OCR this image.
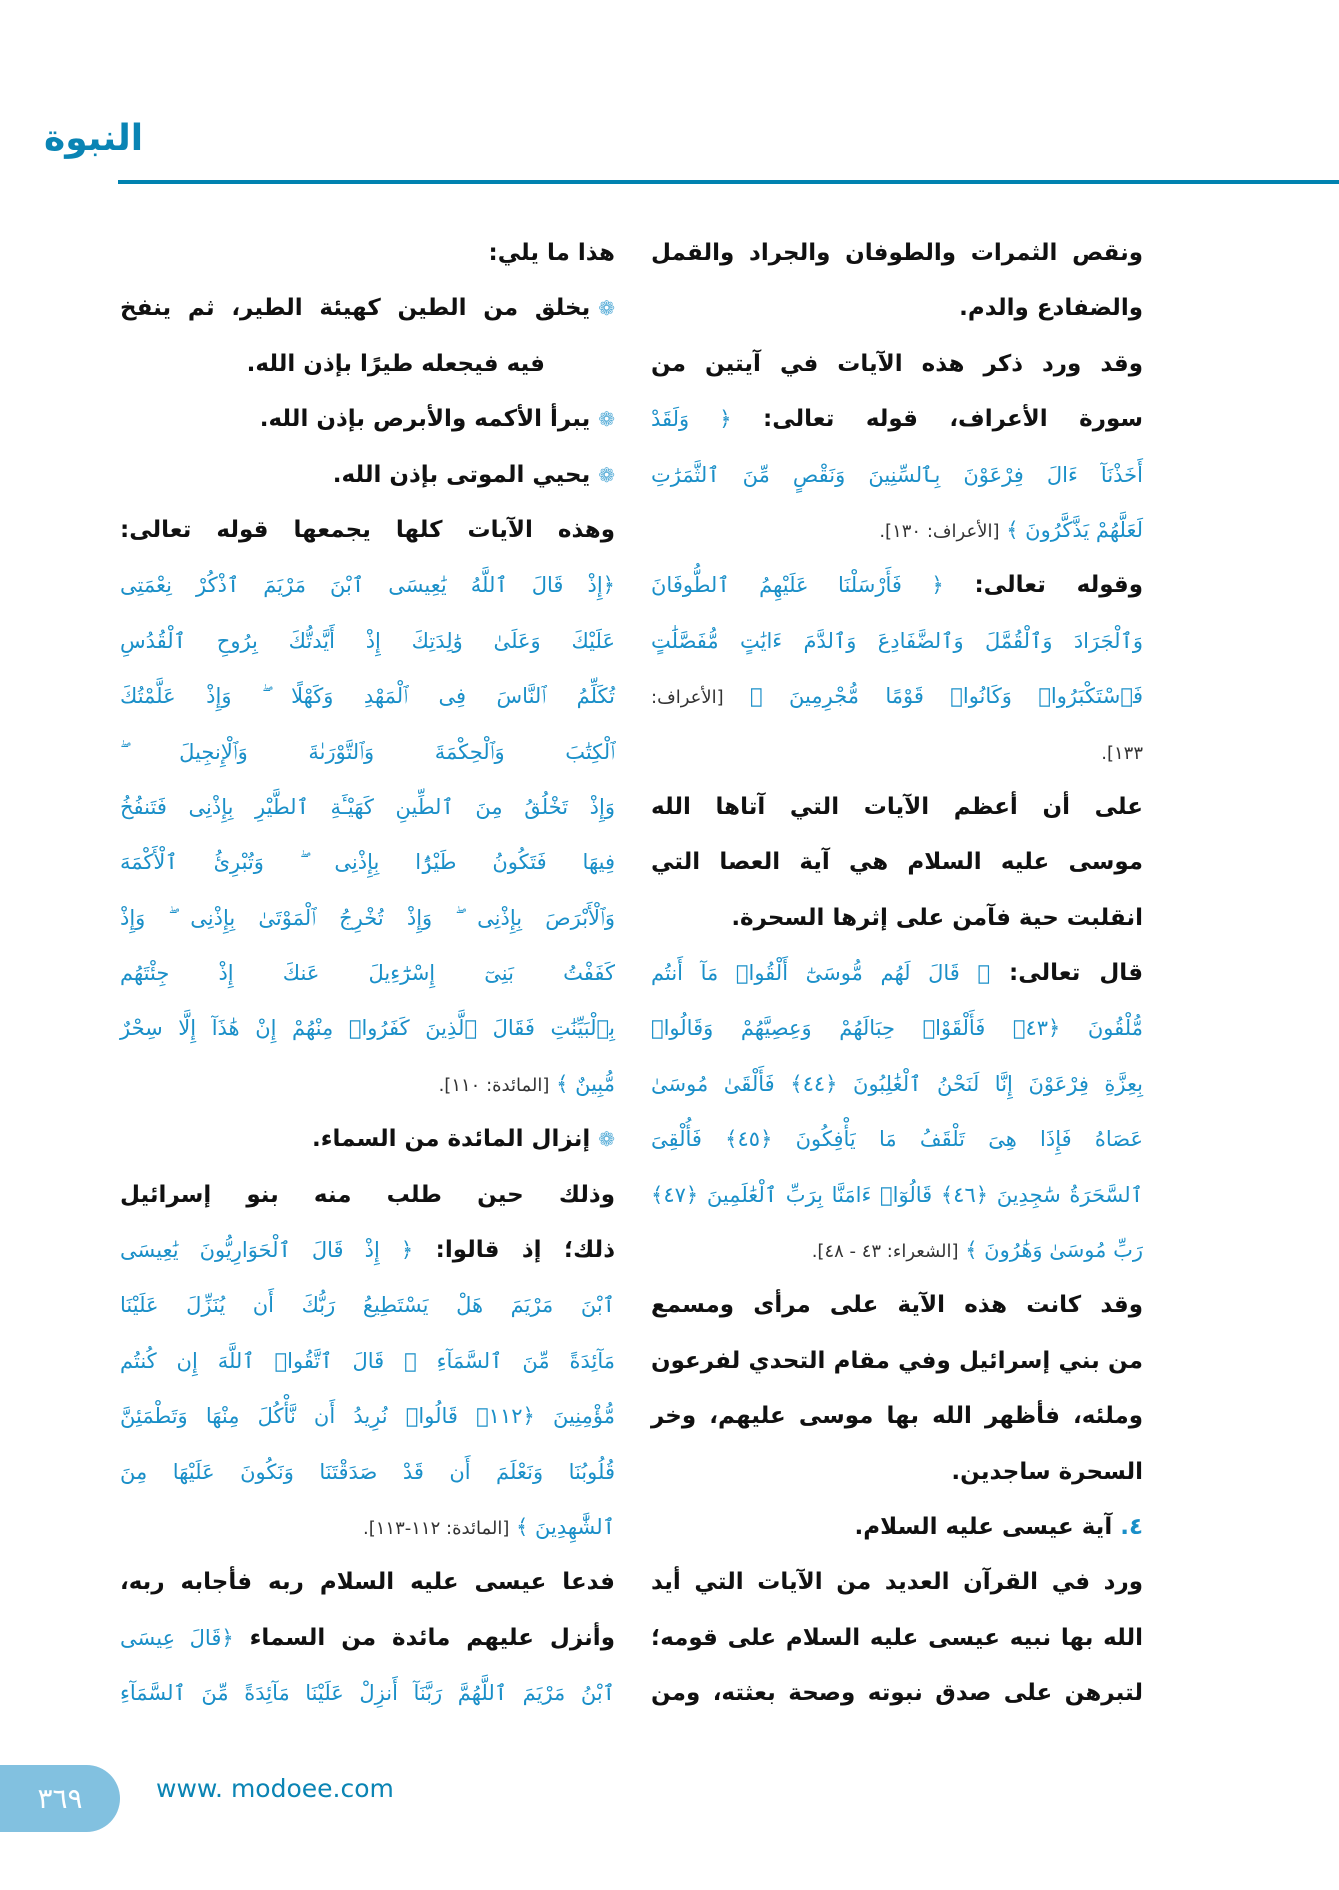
النبوة
ونقص الثمرات والطوفان والجراد والقمل
والضفادع والدم.
وقد ورد ذكر هذه الآيات في آيتين من
سورة الأعراف، قوله تعالى: ﴿ وَلَقَدْ
أَخَذْنَآ ءَالَ فِرْعَوْنَ بِٱلسِّنِينَ وَنَقْصٍ مِّنَ ٱلثَّمَرَٰتِ
لَعَلَّهُمْ يَذَّكَّرُونَ ﴾ [الأعراف: ١٣٠].
وقوله تعالى: ﴿ فَأَرْسَلْنَا عَلَيْهِمُ ٱلطُّوفَانَ
وَٱلْجَرَادَ وَٱلْقُمَّلَ وَٱلضَّفَادِعَ وَٱلدَّمَ ءَايَٰتٍ مُّفَصَّلَٰتٍ
فَٱسْتَكْبَرُوا۟ وَكَانُوا۟ قَوْمًا مُّجْرِمِينَ ﴾ [الأعراف:
١٣٣].
على أن أعظم الآيات التي آتاها الله
موسى عليه السلام هي آية العصا التي
انقلبت حية فآمن على إثرها السحرة.
قال تعالى: ﴿ قَالَ لَهُم مُّوسَىٰٓ أَلْقُوا۟ مَآ أَنتُم
مُّلْقُونَ ﴿٤٣﴾ فَأَلْقَوْا۟ حِبَالَهُمْ وَعِصِيَّهُمْ وَقَالُوا۟
بِعِزَّةِ فِرْعَوْنَ إِنَّا لَنَحْنُ ٱلْغَٰلِبُونَ ﴿٤٤﴾ فَأَلْقَىٰ مُوسَىٰ
عَصَاهُ فَإِذَا هِىَ تَلْقَفُ مَا يَأْفِكُونَ ﴿٤٥﴾ فَأُلْقِىَ
ٱلسَّحَرَةُ سَٰجِدِينَ ﴿٤٦﴾ قَالُوٓا۟ ءَامَنَّا بِرَبِّ ٱلْعَٰلَمِينَ ﴿٤٧﴾
رَبِّ مُوسَىٰ وَهَٰرُونَ ﴾ [الشعراء: ٤٣ - ٤٨].
وقد كانت هذه الآية على مرأى ومسمع
من بني إسرائيل وفي مقام التحدي لفرعون
وملئه، فأظهر الله بها موسى عليهم، وخر
السحرة ساجدين.
٤. آية عيسى عليه السلام.
ورد في القرآن العديد من الآيات التي أيد
الله بها نبيه عيسى عليه السلام على قومه؛
لتبرهن على صدق نبوته وصحة بعثته، ومن
هذا ما يلي:
❁يخلق من الطين كهيئة الطير، ثم ينفخ
فيه فيجعله طيرًا بإذن الله.
❁يبرأ الأكمه والأبرص بإذن الله.
❁يحيي الموتى بإذن الله.
وهذه الآيات كلها يجمعها قوله تعالى:
﴿إِذْ قَالَ ٱللَّهُ يَٰعِيسَى ٱبْنَ مَرْيَمَ ٱذْكُرْ نِعْمَتِى
عَلَيْكَ وَعَلَىٰ وَٰلِدَتِكَ إِذْ أَيَّدتُّكَ بِرُوحِ ٱلْقُدُسِ
تُكَلِّمُ ٱلنَّاسَ فِى ٱلْمَهْدِ وَكَهْلًا ۖ وَإِذْ عَلَّمْتُكَ
ٱلْكِتَٰبَ وَٱلْحِكْمَةَ وَٱلتَّوْرَىٰةَ وَٱلْإِنجِيلَ ۖ
وَإِذْ تَخْلُقُ مِنَ ٱلطِّينِ كَهَيْـَٔةِ ٱلطَّيْرِ بِإِذْنِى فَتَنفُخُ
فِيهَا فَتَكُونُ طَيْرًۢا بِإِذْنِى ۖ وَتُبْرِئُ ٱلْأَكْمَهَ
وَٱلْأَبْرَصَ بِإِذْنِى ۖ وَإِذْ تُخْرِجُ ٱلْمَوْتَىٰ بِإِذْنِى ۖ وَإِذْ
كَفَفْتُ بَنِىٓ إِسْرَٰٓءِيلَ عَنكَ إِذْ جِئْتَهُم
بِٱلْبَيِّنَٰتِ فَقَالَ ٱلَّذِينَ كَفَرُوا۟ مِنْهُمْ إِنْ هَٰذَآ إِلَّا سِحْرٌ
مُّبِينٌ ﴾ [المائدة: ١١٠].
❁إنزال المائدة من السماء.
وذلك حين طلب منه بنو إسرائيل
ذلك؛ إذ قالوا: ﴿ إِذْ قَالَ ٱلْحَوَارِيُّونَ يَٰعِيسَى
ٱبْنَ مَرْيَمَ هَلْ يَسْتَطِيعُ رَبُّكَ أَن يُنَزِّلَ عَلَيْنَا
مَآئِدَةً مِّنَ ٱلسَّمَآءِ ۖ قَالَ ٱتَّقُوا۟ ٱللَّهَ إِن كُنتُم
مُّؤْمِنِينَ ﴿١١٢﴾ قَالُوا۟ نُرِيدُ أَن نَّأْكُلَ مِنْهَا وَتَطْمَئِنَّ
قُلُوبُنَا وَنَعْلَمَ أَن قَدْ صَدَقْتَنَا وَنَكُونَ عَلَيْهَا مِنَ
ٱلشَّٰهِدِينَ ﴾ [المائدة: ١١٢-١١٣].
فدعا عيسى عليه السلام ربه فأجابه ربه،
وأنزل عليهم مائدة من السماء ﴿قَالَ عِيسَى
ٱبْنُ مَرْيَمَ ٱللَّهُمَّ رَبَّنَآ أَنزِلْ عَلَيْنَا مَآئِدَةً مِّنَ ٱلسَّمَآءِ
٣٦٩	www. modoee.com
